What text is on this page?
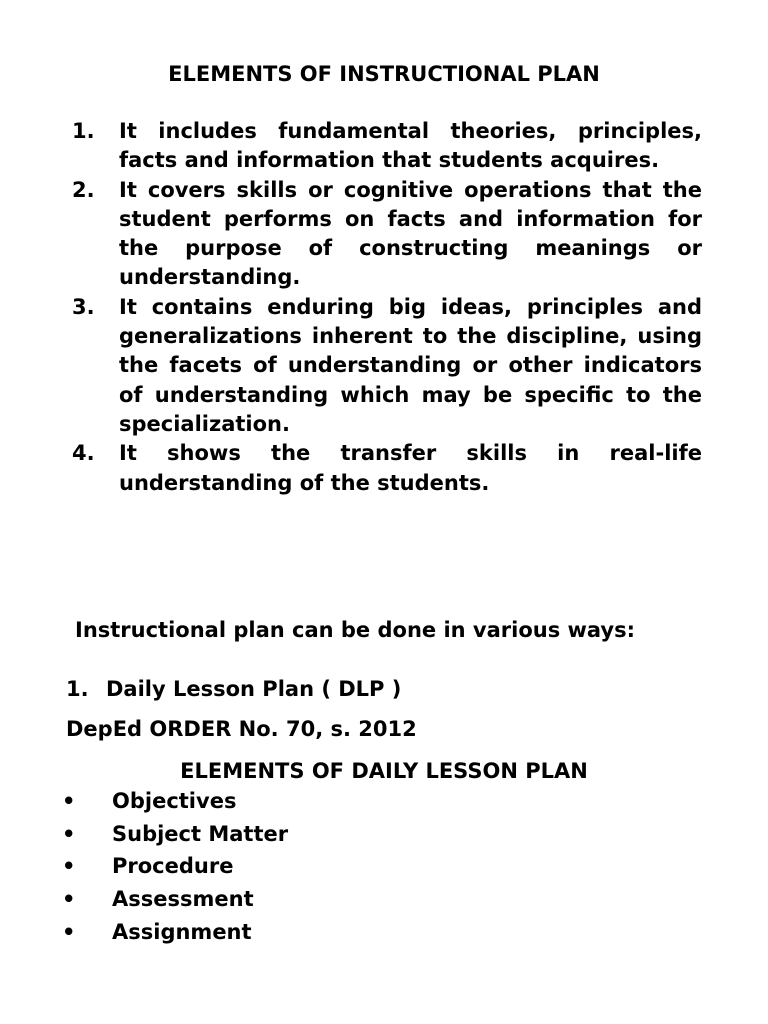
ELEMENTS OF INSTRUCTIONAL PLAN
1. It includes fundamental theories, principles, facts and information that students acquires.
2. It covers skills or cognitive operations that the student performs on facts and information for the purpose of constructing meanings or understanding.
3. It contains enduring big ideas, principles and generalizations inherent to the discipline, using the facets of understanding or other indicators of understanding which may be specific to the specialization.
4. It shows the transfer skills in real-life understanding of the students.
Instructional plan can be done in various ways:
1. Daily Lesson Plan ( DLP )
DepEd ORDER No. 70, s. 2012
ELEMENTS OF DAILY LESSON PLAN
• Objectives
• Subject Matter
• Procedure
• Assessment
• Assignment
